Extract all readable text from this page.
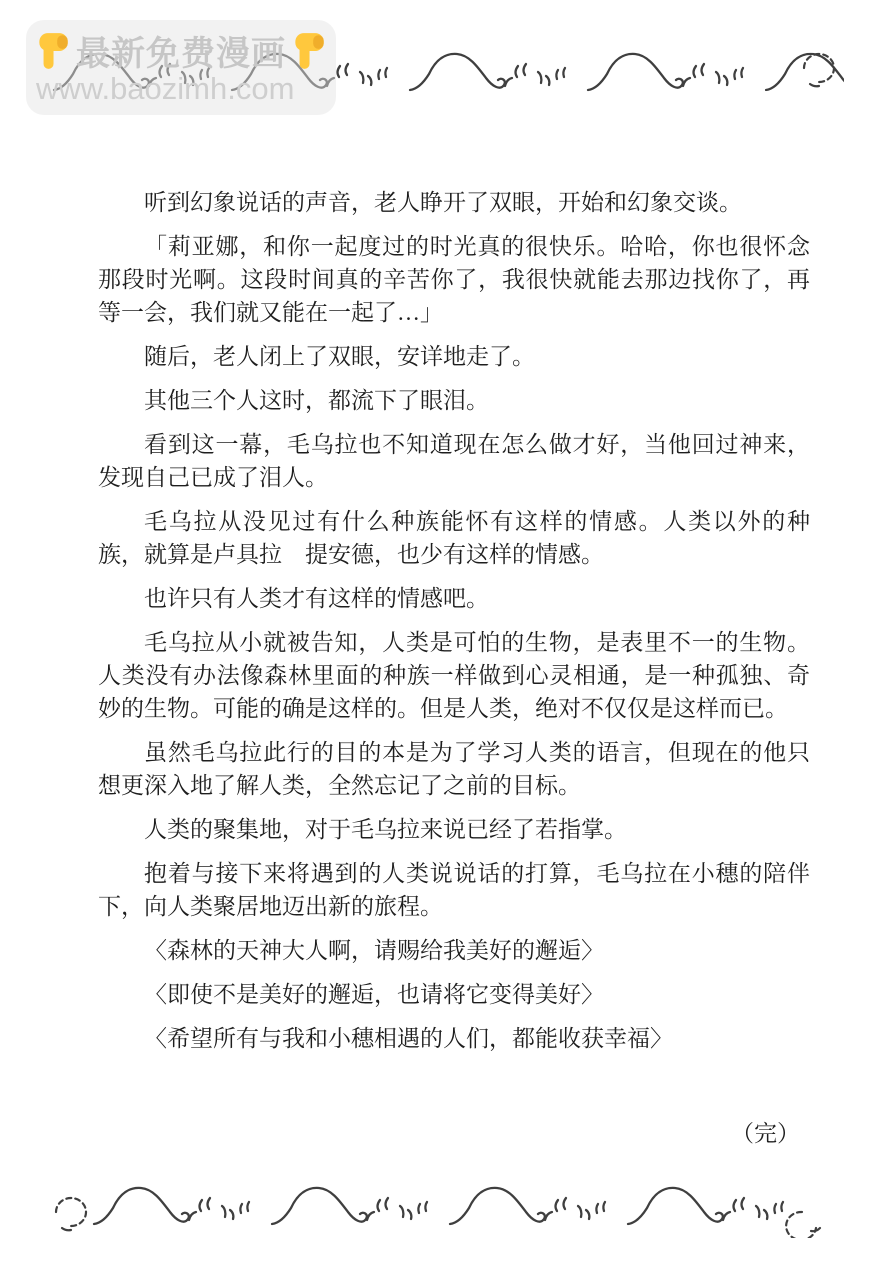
最新免费漫画
www.baozimh.com

听到幻象说话的声音，老人睁开了双眼，开始和幻象交谈。

「莉亚娜，和你一起度过的时光真的很快乐。哈哈，你也很怀念那段时光啊。这段时间真的辛苦你了，我很快就能去那边找你了，再等一会，我们就又能在一起了…」

随后，老人闭上了双眼，安详地走了。

其他三个人这时，都流下了眼泪。

看到这一幕，毛乌拉也不知道现在怎么做才好，当他回过神来，发现自己已成了泪人。

毛乌拉从没见过有什么种族能怀有这样的情感。人类以外的种族，就算是卢具拉　提安德，也少有这样的情感。

也许只有人类才有这样的情感吧。

毛乌拉从小就被告知，人类是可怕的生物，是表里不一的生物。人类没有办法像森林里面的种族一样做到心灵相通，是一种孤独、奇妙的生物。可能的确是这样的。但是人类，绝对不仅仅是这样而已。

虽然毛乌拉此行的目的本是为了学习人类的语言，但现在的他只想更深入地了解人类，全然忘记了之前的目标。

人类的聚集地，对于毛乌拉来说已经了若指掌。

抱着与接下来将遇到的人类说说话的打算，毛乌拉在小穗的陪伴下，向人类聚居地迈出新的旅程。

〈森林的天神大人啊，请赐给我美好的邂逅〉

〈即使不是美好的邂逅，也请将它变得美好〉

〈希望所有与我和小穗相遇的人们，都能收获幸福〉

（完）
